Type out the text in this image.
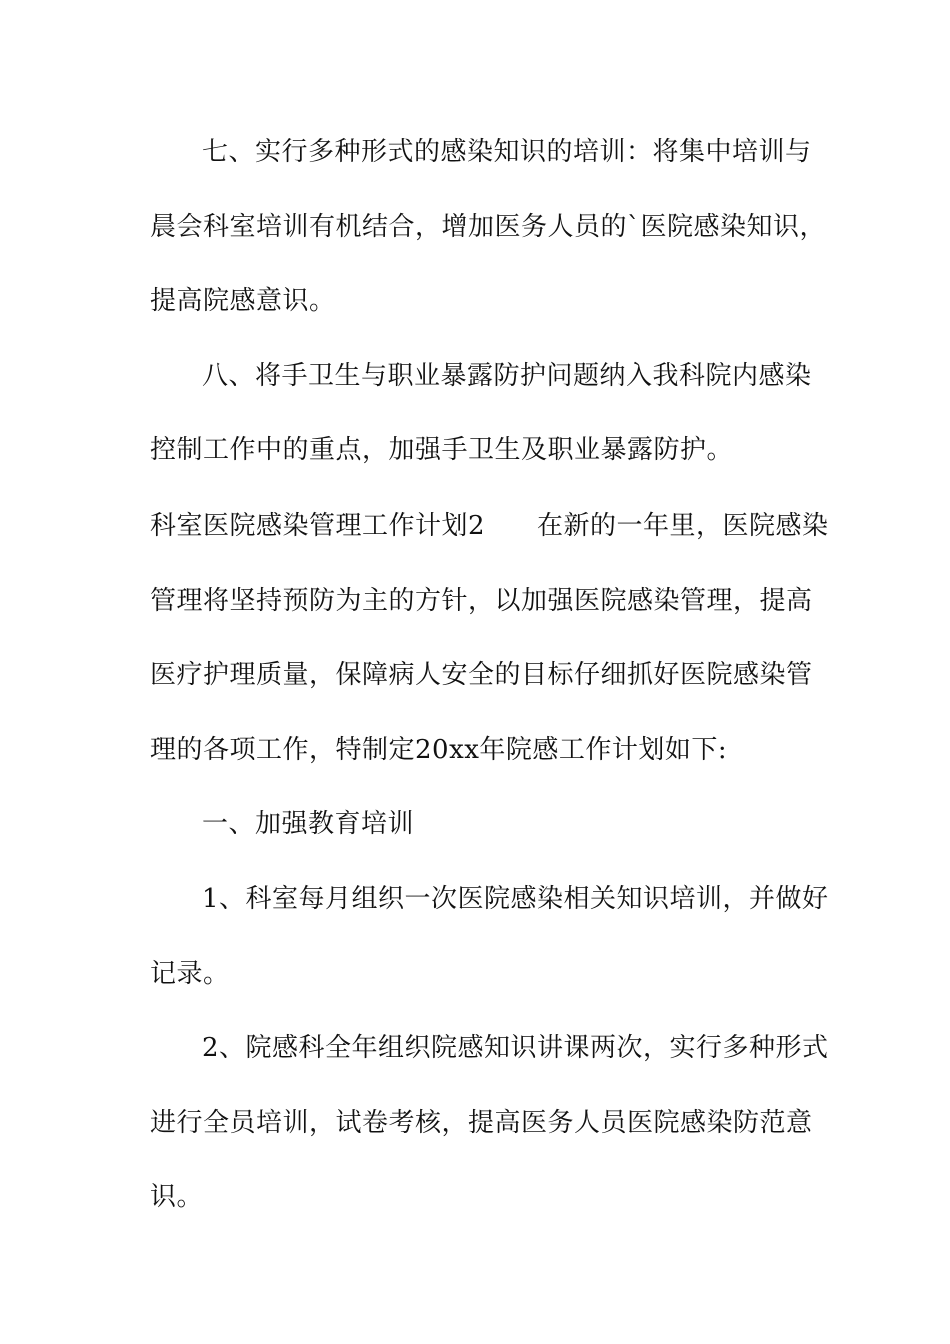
七、实行多种形式的感染知识的培训：将集中培训与
晨会科室培训有机结合，增加医务人员的`医院感染知识，
提高院感意识。
八、将手卫生与职业暴露防护问题纳入我科院内感染
控制工作中的重点，加强手卫生及职业暴露防护。
科室医院感染管理工作计划2 在新的一年里，医院感染
管理将坚持预防为主的方针，以加强医院感染管理，提高
医疗护理质量，保障病人安全的目标仔细抓好医院感染管
理的各项工作，特制定20xx年院感工作计划如下:
一、加强教育培训
1、科室每月组织一次医院感染相关知识培训，并做好
记录。
2、院感科全年组织院感知识讲课两次，实行多种形式
进行全员培训，试卷考核，提高医务人员医院感染防范意
识。
